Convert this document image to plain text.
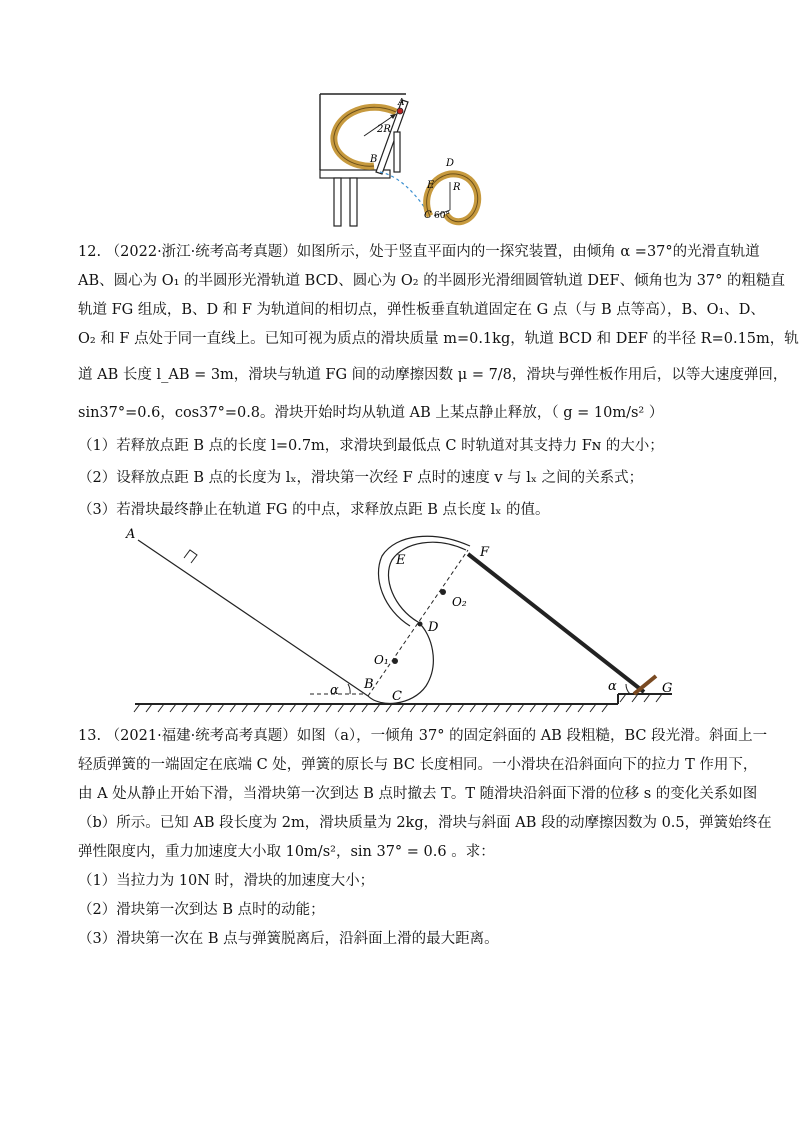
A
2R
B	D
R
E
C 60°
12. （2022·浙江·统考高考真题）如图所示，处于竖直平面内的一探究装置，由倾角 α =37°的光滑直轨道
AB、圆心为 O₁ 的半圆形光滑轨道 BCD、圆心为 O₂ 的半圆形光滑细圆管轨道 DEF、倾角也为 37° 的粗糙直
轨道 FG 组成，B、D 和 F 为轨道间的相切点，弹性板垂直轨道固定在 G 点（与 B 点等高），B、O₁、D、
O₂ 和 F 点处于同一直线上。已知可视为质点的滑块质量 m=0.1kg，轨道 BCD 和 DEF 的半径 R=0.15m，轨
道 AB 长度 l_AB = 3m，滑块与轨道 FG 间的动摩擦因数 μ = 7/8，滑块与弹性板作用后，以等大速度弹回，
sin37°=0.6，cos37°=0.8。滑块开始时均从轨道 AB 上某点静止释放，（ g = 10m/s² ）
（1）若释放点距 B 点的长度 l=0.7m，求滑块到最低点 C 时轨道对其支持力 Fɴ 的大小；
（2）设释放点距 B 点的长度为 lₓ，滑块第一次经 F 点时的速度 v 与 lₓ 之间的关系式；
（3）若滑块最终静止在轨道 FG 的中点，求释放点距 B 点长度 lₓ 的值。
A
E
F
O₂
D
O₁
α B
C
α	G
13. （2021·福建·统考高考真题）如图（a），一倾角 37° 的固定斜面的 AB 段粗糙，BC 段光滑。斜面上一
轻质弹簧的一端固定在底端 C 处，弹簧的原长与 BC 长度相同。一小滑块在沿斜面向下的拉力 T 作用下，
由 A 处从静止开始下滑，当滑块第一次到达 B 点时撤去 T。T 随滑块沿斜面下滑的位移 s 的变化关系如图
（b）所示。已知 AB 段长度为 2m，滑块质量为 2kg，滑块与斜面 AB 段的动摩擦因数为 0.5，弹簧始终在
弹性限度内，重力加速度大小取 10m/s²，sin 37° = 0.6 。求：
（1）当拉力为 10N 时，滑块的加速度大小；
（2）滑块第一次到达 B 点时的动能；
（3）滑块第一次在 B 点与弹簧脱离后，沿斜面上滑的最大距离。
